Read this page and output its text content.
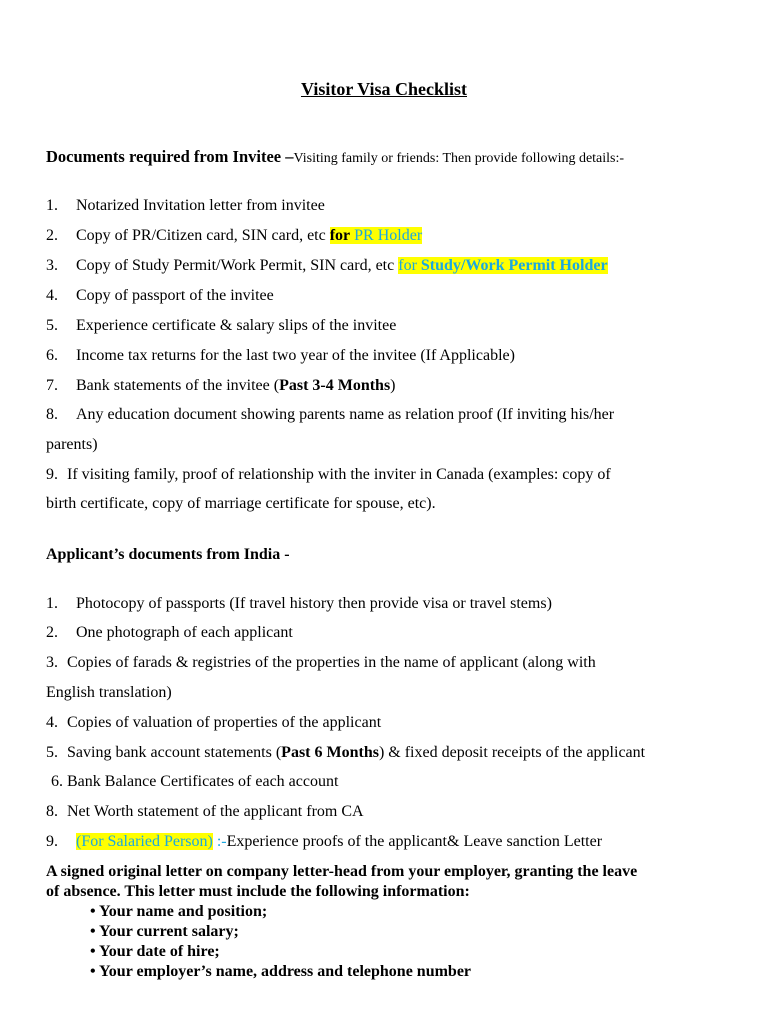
Visitor Visa Checklist
Documents required from Invitee –Visiting family or friends: Then provide following details:-
1. Notarized Invitation letter from invitee
2. Copy of PR/Citizen card, SIN card, etc for PR Holder
3. Copy of Study Permit/Work Permit, SIN card, etc for Study/Work Permit Holder
4. Copy of passport of the invitee
5. Experience certificate & salary slips of the invitee
6. Income tax returns for the last two year of the invitee (If Applicable)
7. Bank statements of the invitee (Past 3-4 Months)
8. Any education document showing parents name as relation proof (If inviting his/her
parents)
9. If visiting family, proof of relationship with the inviter in Canada (examples: copy of
birth certificate, copy of marriage certificate for spouse, etc).
Applicant’s documents from India -
1. Photocopy of passports (If travel history then provide visa or travel stems)
2. One photograph of each applicant
3. Copies of farads & registries of the properties in the name of applicant (along with
English translation)
4. Copies of valuation of properties of the applicant
5. Saving bank account statements (Past 6 Months) & fixed deposit receipts of the applicant
6. Bank Balance Certificates of each account
8. Net Worth statement of the applicant from CA
9. (For Salaried Person) :-Experience proofs of the applicant& Leave sanction Letter
A signed original letter on company letter-head from your employer, granting the leave
of absence. This letter must include the following information:
• Your name and position;
• Your current salary;
• Your date of hire;
• Your employer’s name, address and telephone number
